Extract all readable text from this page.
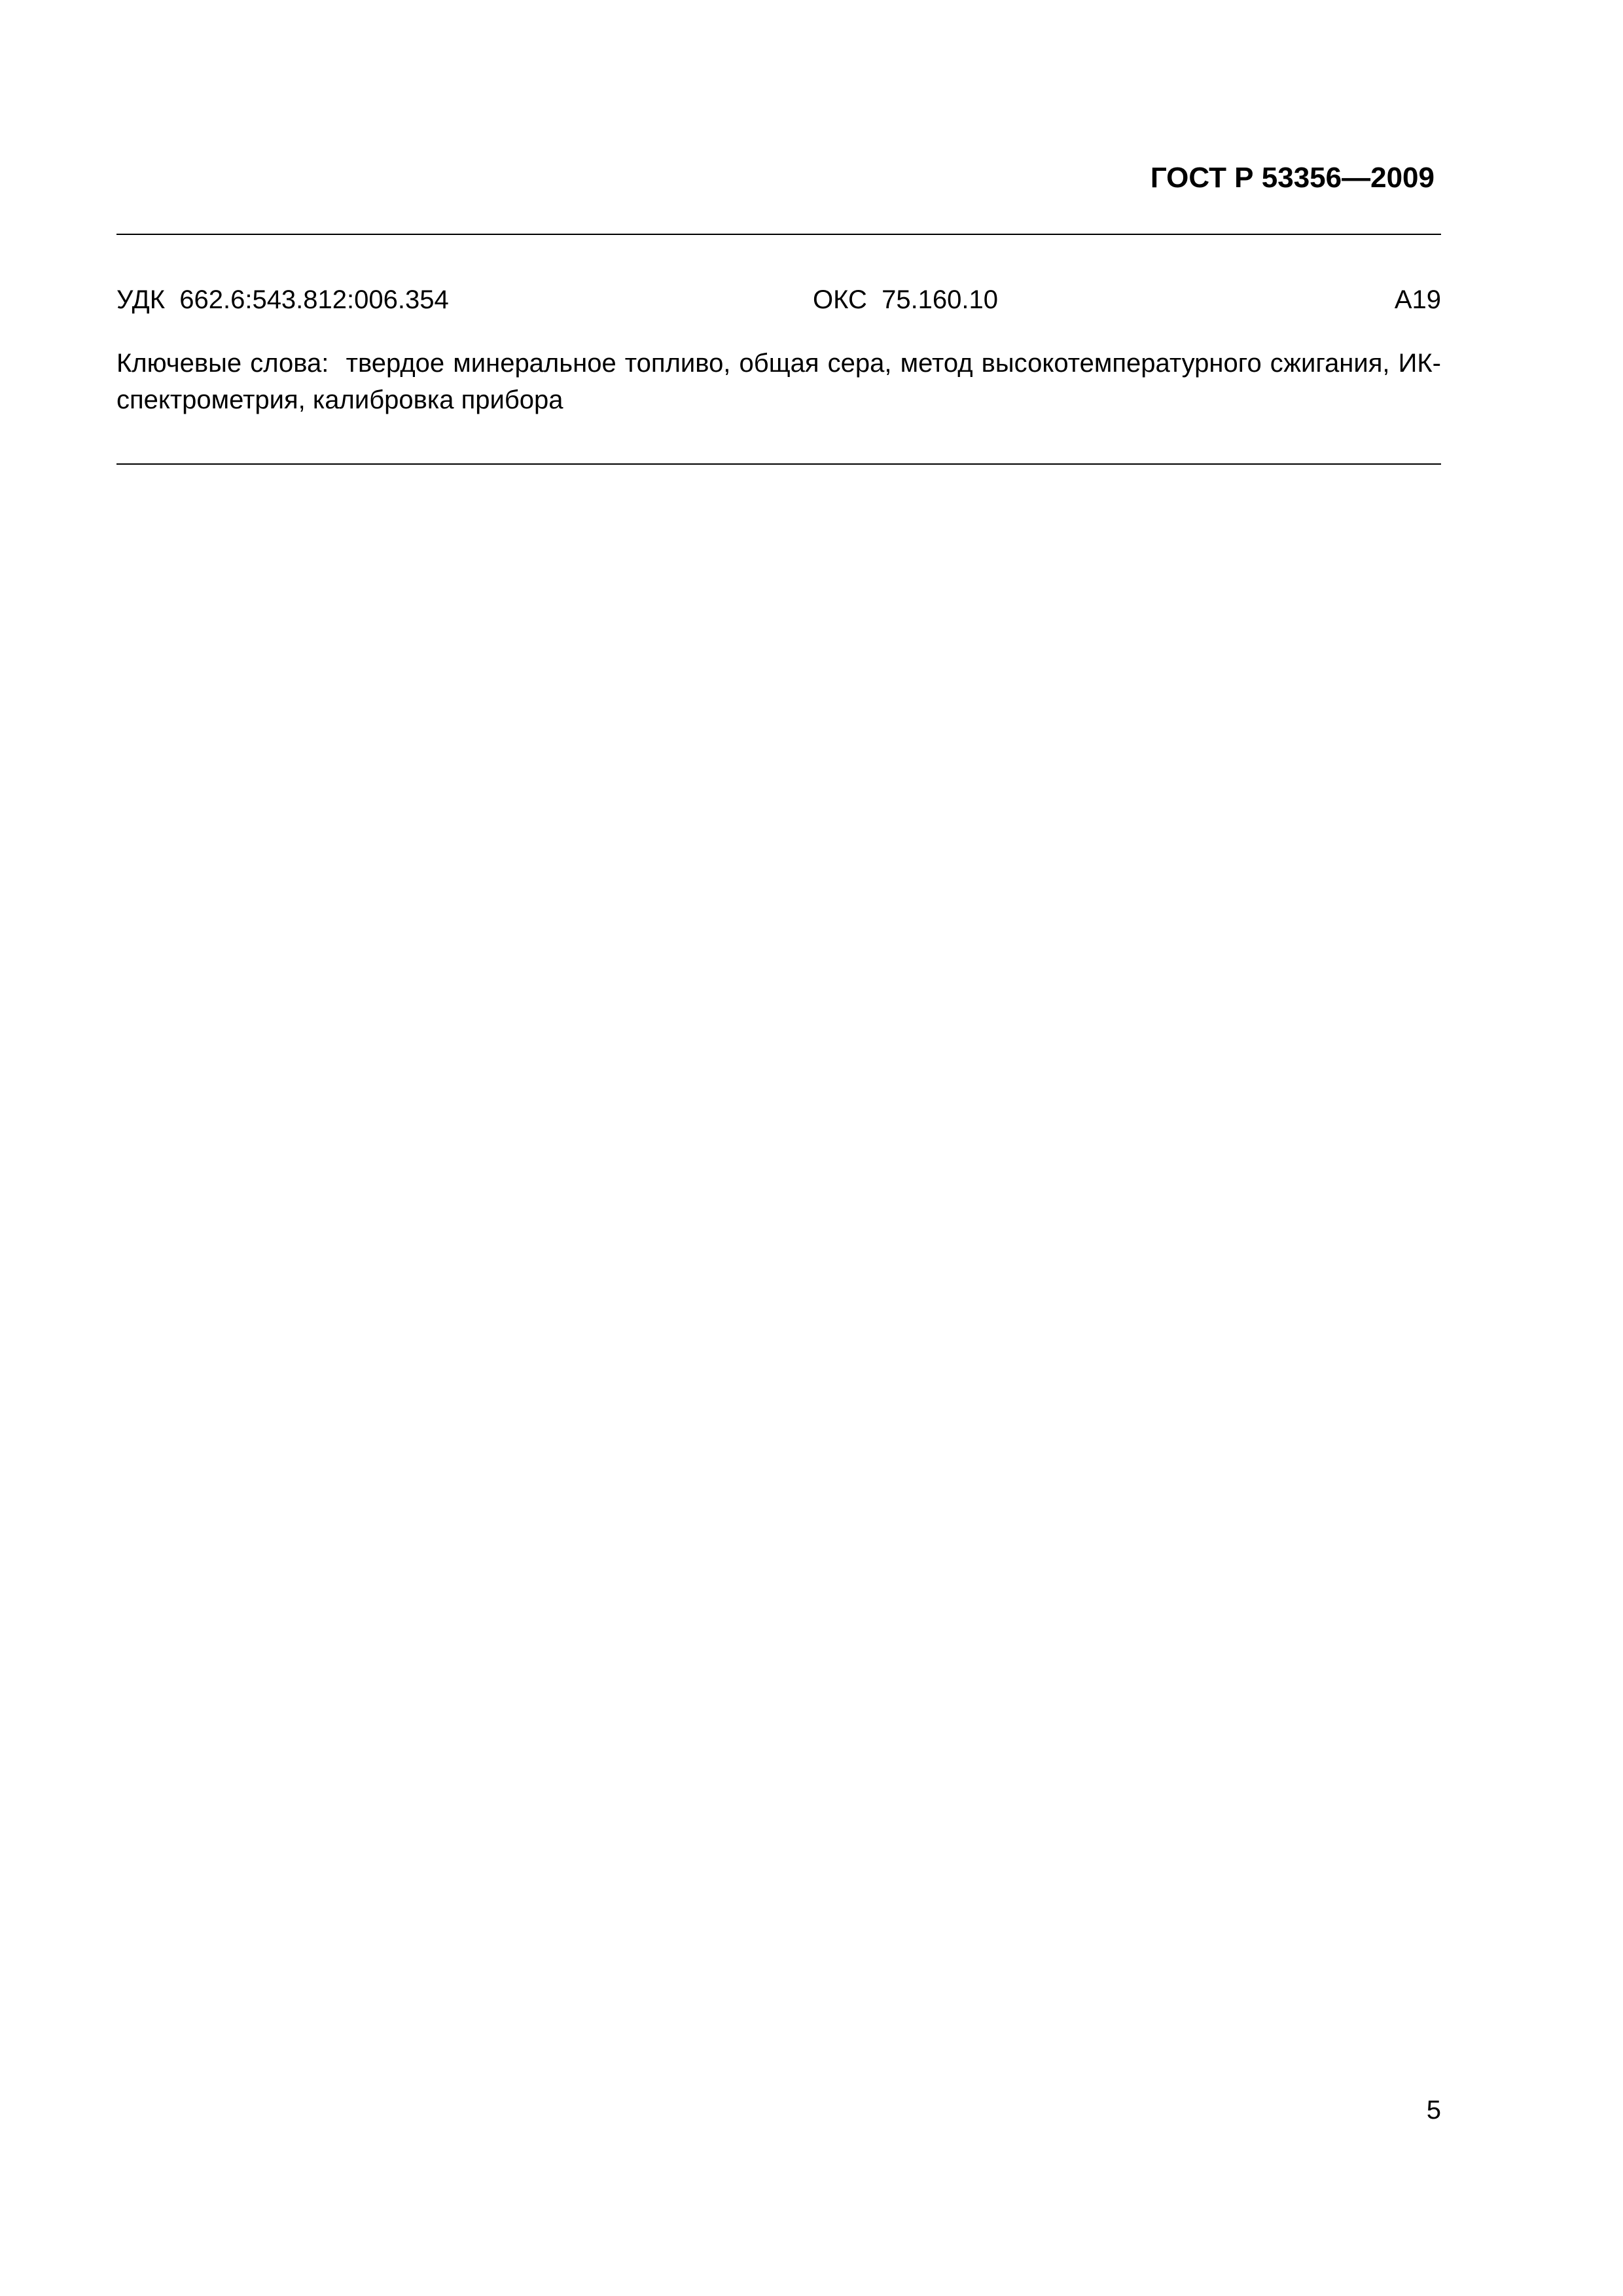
ГОСТ Р 53356—2009
УДК  662.6:543.812:006.354	ОКС  75.160.10	А19
Ключевые слова:  твердое минеральное топливо, общая сера, метод высокотемпературного сжигания, ИК-спектрометрия, калибровка прибора
5
